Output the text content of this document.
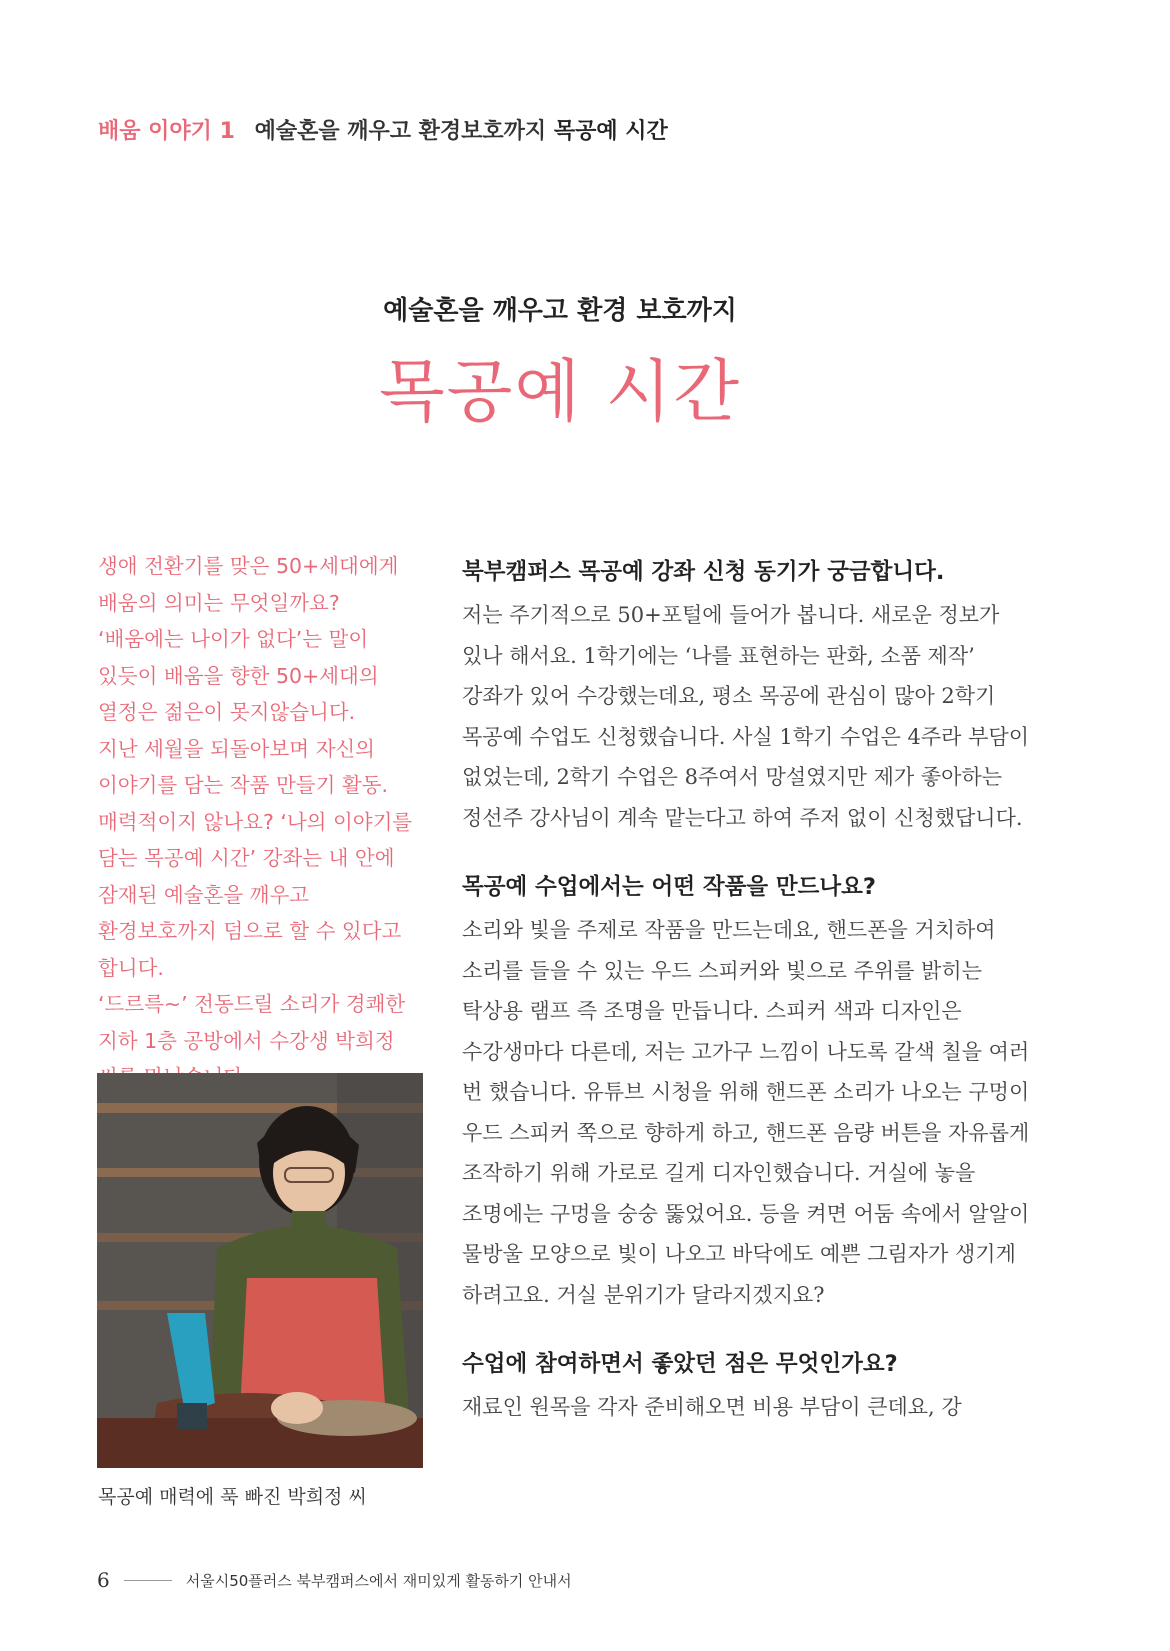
배움 이야기 1 예술혼을 깨우고 환경보호까지 목공예 시간
예술혼을 깨우고 환경 보호까지
목공예 시간

생애 전환기를 맞은 50+세대에게 배움의 의미는 무엇일까요? ‘배움에는 나이가 없다’는 말이 있듯이 배움을 향한 50+세대의 열정은 젊은이 못지않습니다.

지난 세월을 되돌아보며 자신의 이야기를 담는 작품 만들기 활동. 매력적이지 않나요? ‘나의 이야기를 담는 목공예 시간’ 강좌는 내 안에 잠재된 예술혼을 깨우고 환경보호까지 덤으로 할 수 있다고 합니다.

‘드르륵~’ 전동드릴 소리가 경쾌한 지하 1층 공방에서 수강생 박희정

목공예 매력에 푹 빠진 박희정 씨

북부캠퍼스 목공예 강좌 신청 동기가 궁금합니다.

저는 주기적으로 50+포털에 들어가 봅니다. 새로운 정보가 있나 해서요. 1학기에는 ‘나를 표현하는 판화, 소품 제작’ 강좌가 있어 수강했는데요, 평소 목공에 관심이 많아 2학기 목공예 수업도 신청했습니다. 사실 1학기 수업은 4주라 부담이 없었는데, 2학기 수업은 8주여서 망설였지만 제가 좋아하는 정선주 강사님이 계속 맡는다고 하여 주저 없이 신청했답니다.

목공예 수업에서는 어떤 작품을 만드나요?

소리와 빛을 주제로 작품을 만드는데요, 핸드폰을 거치하여 소리를 들을 수 있는 우드 스피커와 빛으로 주위를 밝히는 탁상용 램프 즉 조명을 만듭니다. 스피커 색과 디자인은 수강생마다 다른데, 저는 고가구 느낌이 나도록 갈색 칠을 여러 번 했습니다. 유튜브 시청을 위해 핸드폰 소리가 나오는 구멍이 우드 스피커 쪽으로 향하게 하고, 핸드폰 음량 버튼을 자유롭게 조작하기 위해 가로로 길게 디자인했습니다. 거실에 놓을 조명에는 구멍을 숭숭 뚫었어요. 등을 켜면 어둠 속에서 알알이 물방울 모양으로 빛이 나오고 바닥에도 예쁜 그림자가 생기게 하려고요. 거실 분위기가 달라지겠지요?

수업에 참여하면서 좋았던 점은 무엇인가요?

재료인 원목을 각자 준비해오면 비용 부담이 큰데요, 강

6	서울시50플러스 북부캠퍼스에서 재미있게 활동하기 안내서
